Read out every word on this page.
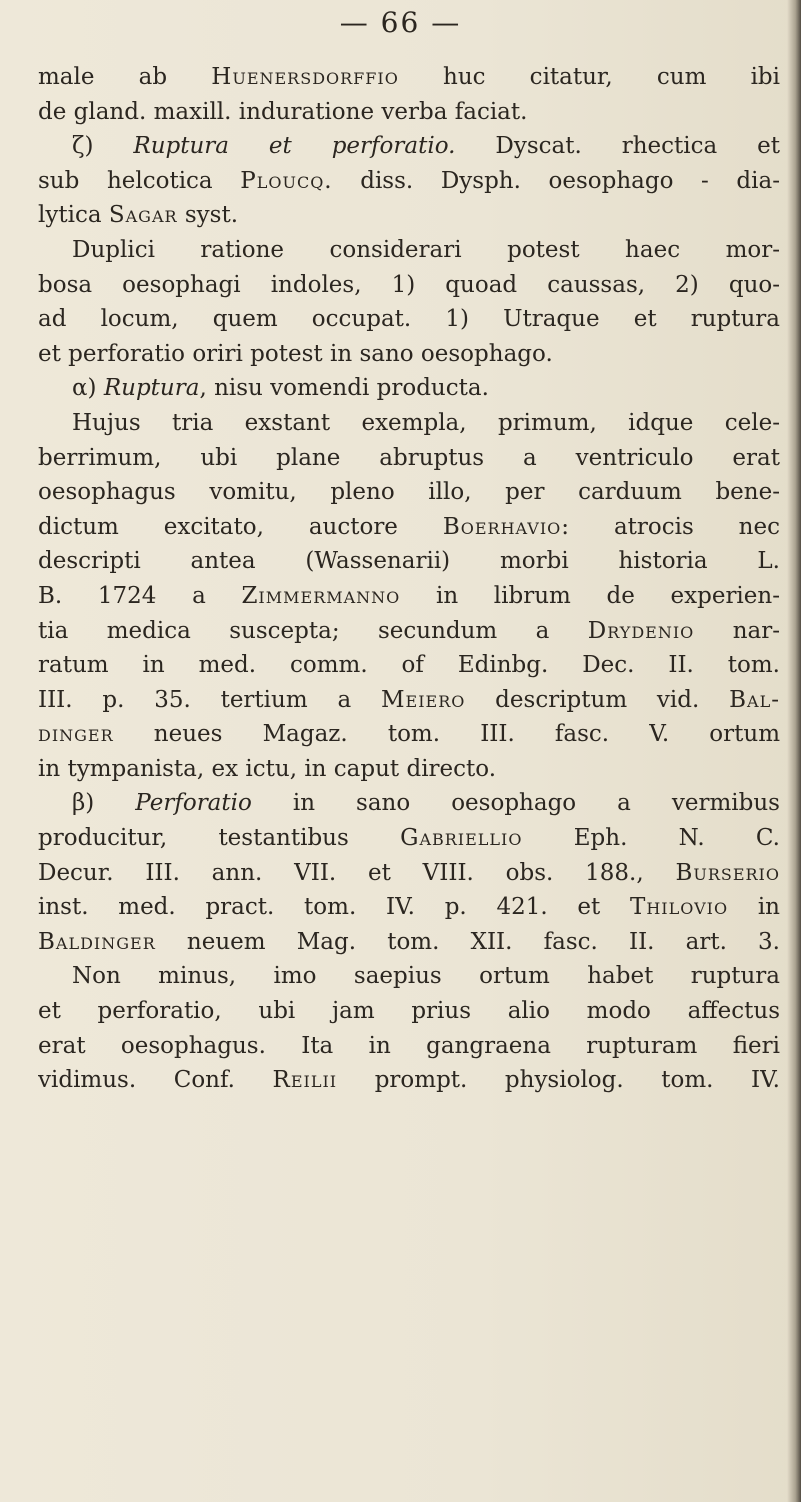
— 66 —
male ab Huenersdorffio huc citatur, cum ibi
de gland. maxill. induratione verba faciat.
ζ) Ruptura et perforatio. Dyscat. rhectica et
sub helcotica Ploucq. diss. Dysph. oesophago - dia-
lytica Sagar syst.
Duplici ratione considerari potest haec mor-
bosa oesophagi indoles, 1) quoad caussas, 2) quo-
ad locum, quem occupat. 1) Utraque et ruptura
et perforatio oriri potest in sano oesophago.
α) Ruptura, nisu vomendi producta.
Hujus tria exstant exempla, primum, idque cele-
berrimum, ubi plane abruptus a ventriculo erat
oesophagus vomitu, pleno illo, per carduum bene-
dictum excitato, auctore Boerhavio: atrocis nec
descripti antea (Wassenarii) morbi historia L.
B. 1724 a Zimmermanno in librum de experien-
tia medica suscepta; secundum a Drydenio nar-
ratum in med. comm. of Edinbg. Dec. II. tom.
III. p. 35. tertium a Meiero descriptum vid. Bal-
dinger neues Magaz. tom. III. fasc. V. ortum
in tympanista, ex ictu, in caput directo.
β) Perforatio in sano oesophago a vermibus
producitur, testantibus Gabriellio Eph. N. C.
Decur. III. ann. VII. et VIII. obs. 188., Burserio
inst. med. pract. tom. IV. p. 421. et Thilovio in
Baldinger neuem Mag. tom. XII. fasc. II. art. 3.
Non minus, imo saepius ortum habet ruptura
et perforatio, ubi jam prius alio modo affectus
erat oesophagus. Ita in gangraena rupturam fieri
vidimus. Conf. Reilii prompt. physiolog. tom. IV.
